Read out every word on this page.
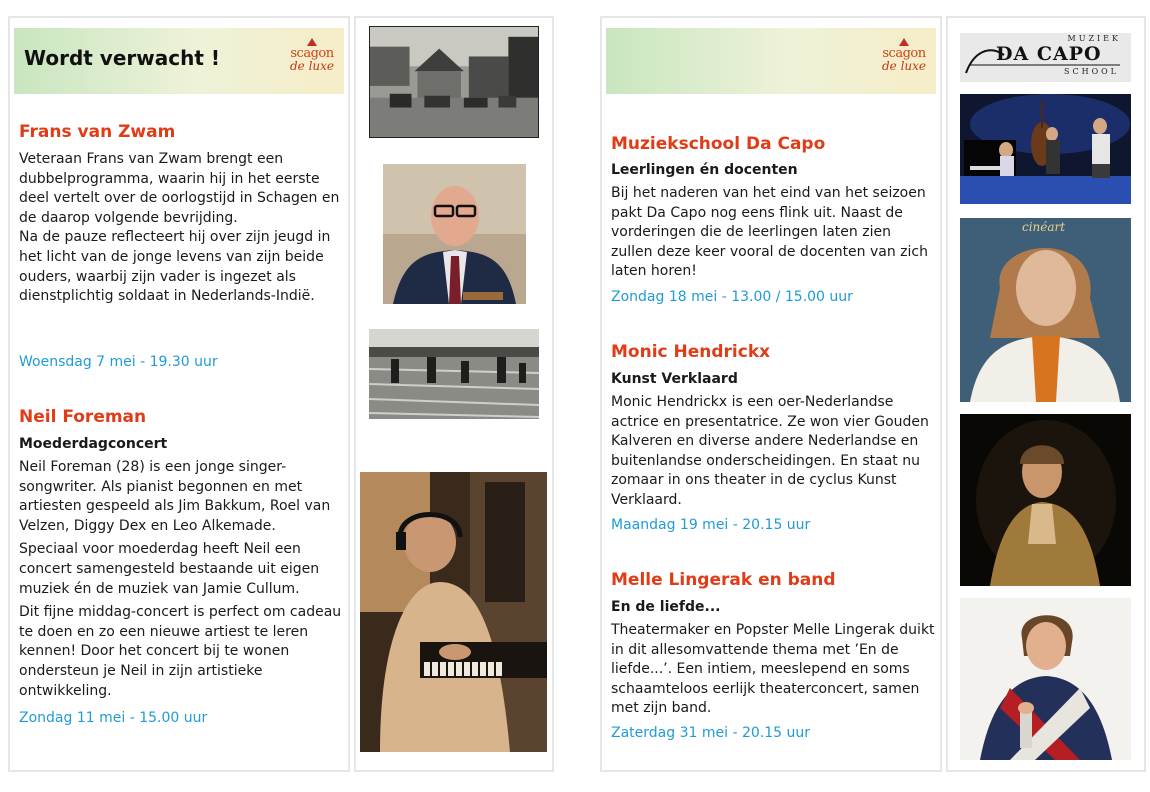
Wordt verwacht !	scagon
de luxe
scagon
de luxe
Frans van Zwam

Veteraan Frans van Zwam brengt een dubbelprogramma, waarin hij in het eerste deel vertelt over de oorlogstijd in Schagen en de daarop volgende bevrijding.

Na de pauze reflecteert hij over zijn jeugd in het licht van de jonge levens van zijn beide ouders, waarbij zijn vader is ingezet als dienstplichtig soldaat in Nederlands-Indië.

Woensdag 7 mei - 19.30 uur
Neil Foreman
Moederdagconcert

Neil Foreman (28) is een jonge singer-songwriter. Als pianist begonnen en met artiesten gespeeld als Jim Bakkum, Roel van Velzen, Diggy Dex en Leo Alkemade.

Speciaal voor moederdag heeft Neil een concert samengesteld bestaande uit eigen muziek én de muziek van Jamie Cullum.

Dit fijne middag-concert is perfect om cadeau te doen en zo een nieuwe artiest te leren kennen! Door het concert bij te wonen ondersteun je Neil in zijn artistieke ontwikkeling.

Zondag 11 mei - 15.00 uur
Muziekschool Da Capo
Leerlingen én docenten

Bij het naderen van het eind van het seizoen pakt Da Capo nog eens flink uit. Naast de vorderingen die de leerlingen laten zien zullen deze keer vooral de docenten van zich laten horen!

Zondag 18 mei - 13.00 / 15.00 uur
Monic Hendrickx
Kunst Verklaard

Monic Hendrickx is een oer-Nederlandse actrice en presentatrice. Ze won vier Gouden Kalveren en diverse andere Nederlandse en buitenlandse onderscheidingen. En staat nu zomaar in ons theater in de cyclus Kunst Verklaard.

Maandag 19 mei - 20.15 uur
Melle Lingerak en band
En de liefde...

Theatermaker en Popster Melle Lingerak duikt in dit allesomvattende thema met ’En de liefde...’. Een intiem, meeslepend en soms schaamteloos eerlijk theaterconcert, samen met zijn band.

Zaterdag 31 mei - 20.15 uur
MUZIEK
DA CAPO
SCHOOL
cinéart
